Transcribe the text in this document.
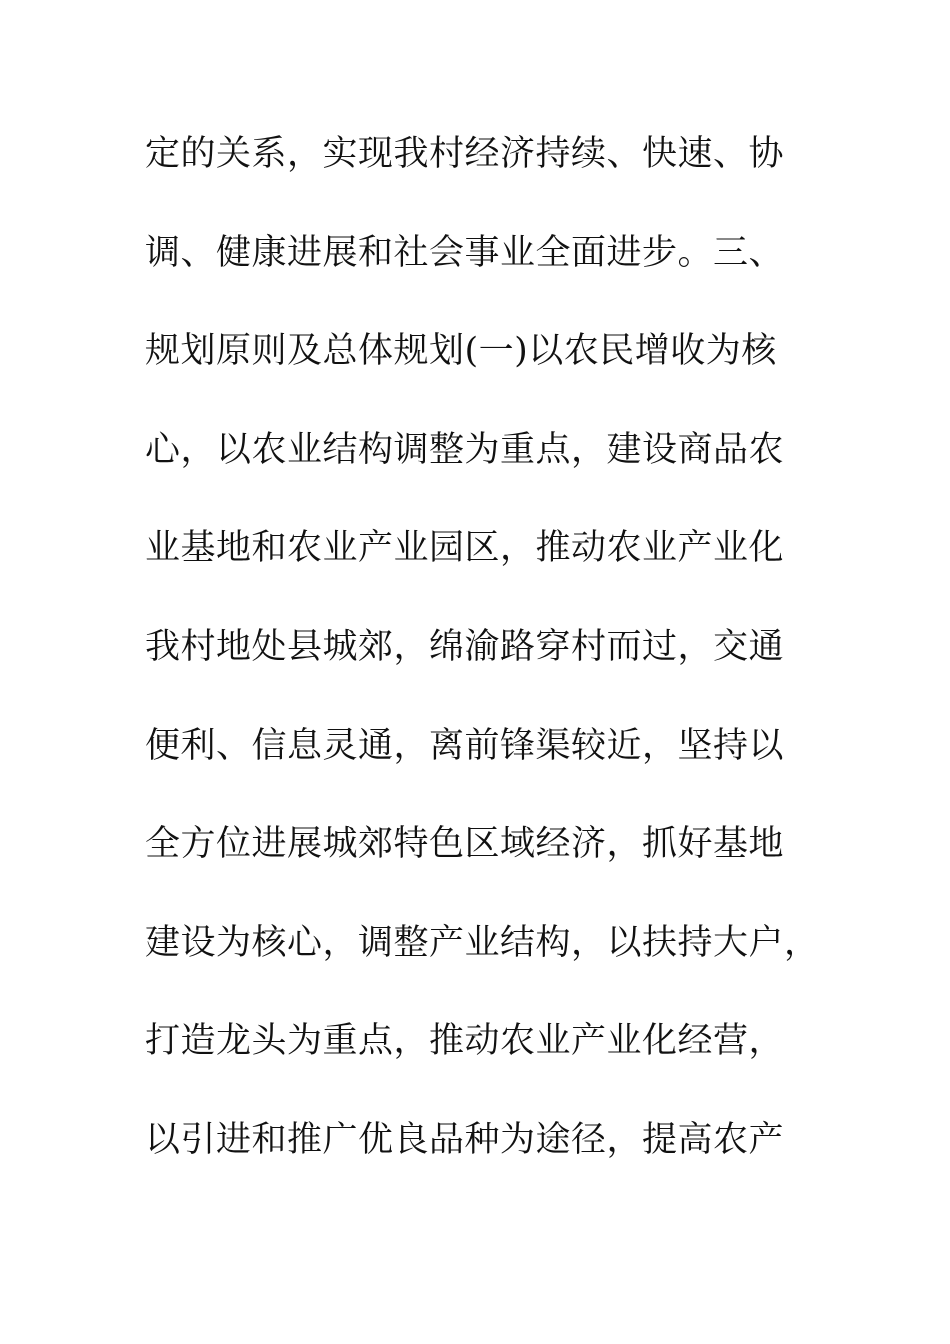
定的关系，实现我村经济持续、快速、协
调、健康进展和社会事业全面进步。三、
规划原则及总体规划(一)以农民增收为核
心，以农业结构调整为重点，建设商品农
业基地和农业产业园区，推动农业产业化
我村地处县城郊，绵渝路穿村而过，交通
便利、信息灵通，离前锋渠较近，坚持以
全方位进展城郊特色区域经济，抓好基地
建设为核心，调整产业结构，以扶持大户，
打造龙头为重点，推动农业产业化经营，
以引进和推广优良品种为途径，提高农产
